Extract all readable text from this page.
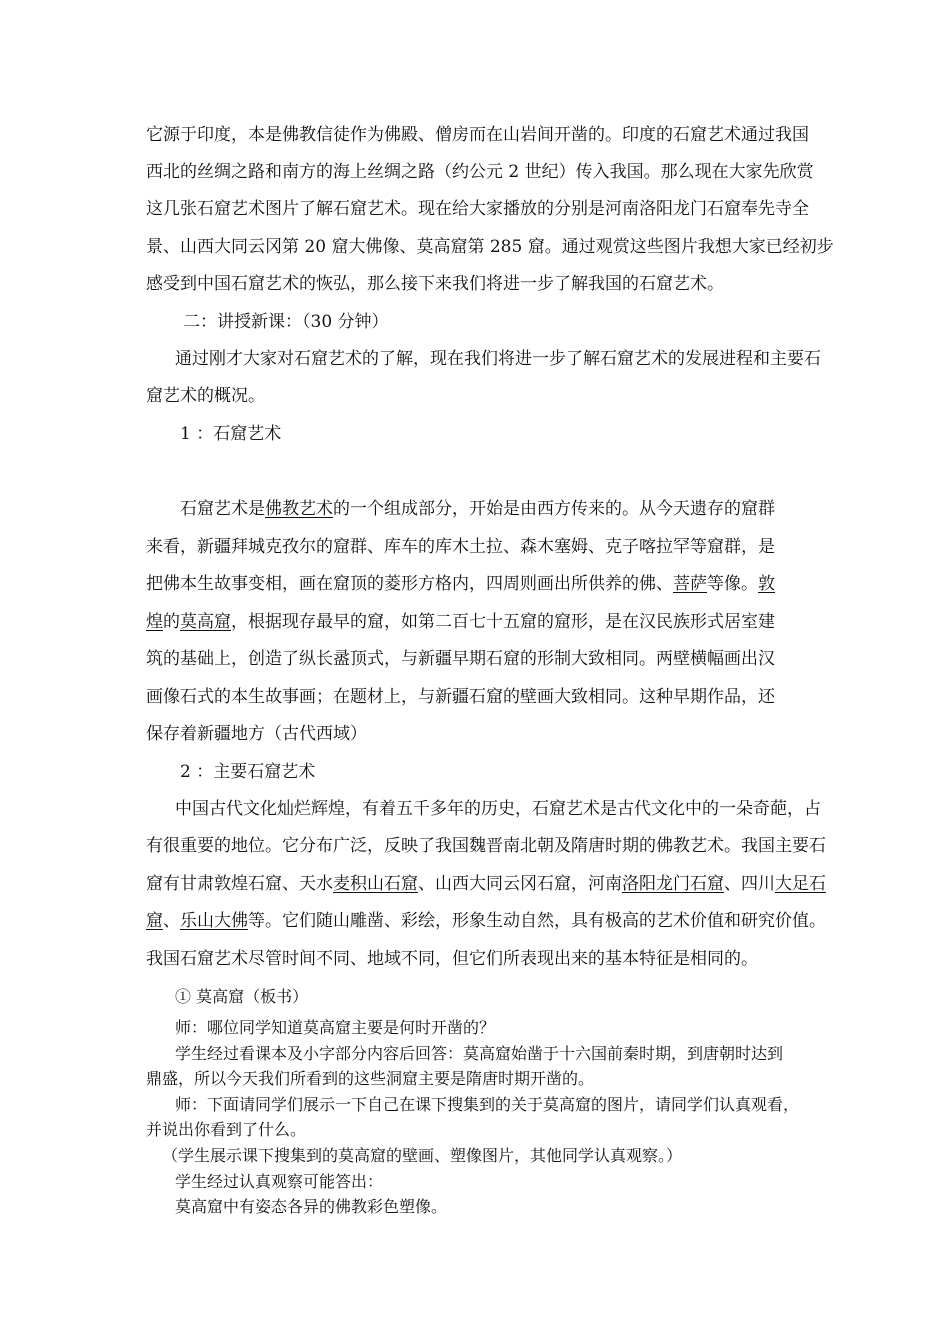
它源于印度，本是佛教信徒作为佛殿、僧房而在山岩间开凿的。印度的石窟艺术通过我国
西北的丝绸之路和南方的海上丝绸之路（约公元 2 世纪）传入我国。那么现在大家先欣赏
这几张石窟艺术图片了解石窟艺术。现在给大家播放的分别是河南洛阳龙门石窟奉先寺全
景、山西大同云冈第 20 窟大佛像、莫高窟第 285 窟。通过观赏这些图片我想大家已经初步
感受到中国石窟艺术的恢弘，那么接下来我们将进一步了解我国的石窟艺术。
二：讲授新课：（30 分钟）
通过刚才大家对石窟艺术的了解，现在我们将进一步了解石窟艺术的发展进程和主要石
窟艺术的概况。
1 ：石窟艺术
石窟艺术是佛教艺术的一个组成部分，开始是由西方传来的。从今天遗存的窟群
来看，新疆拜城克孜尔的窟群、库车的库木土拉、森木塞姆、克子喀拉罕等窟群，是
把佛本生故事变相，画在窟顶的菱形方格内，四周则画出所供养的佛、菩萨等像。敦
煌的莫高窟，根据现存最早的窟，如第二百七十五窟的窟形，是在汉民族形式居室建
筑的基础上，创造了纵长盝顶式，与新疆早期石窟的形制大致相同。两壁横幅画出汉
画像石式的本生故事画；在题材上，与新疆石窟的壁画大致相同。这种早期作品，还
保存着新疆地方（古代西域）
2 ：主要石窟艺术
中国古代文化灿烂辉煌，有着五千多年的历史，石窟艺术是古代文化中的一朵奇葩，占
有很重要的地位。它分布广泛，反映了我国魏晋南北朝及隋唐时期的佛教艺术。我国主要石
窟有甘肃敦煌石窟、天水麦积山石窟、山西大同云冈石窟，河南洛阳龙门石窟、四川大足石
窟、乐山大佛等。它们随山雕凿、彩绘，形象生动自然，具有极高的艺术价值和研究价值。
我国石窟艺术尽管时间不同、地域不同，但它们所表现出来的基本特征是相同的。
① 莫高窟（板书）
师：哪位同学知道莫高窟主要是何时开凿的？
学生经过看课本及小字部分内容后回答：莫高窟始凿于十六国前秦时期，到唐朝时达到
鼎盛，所以今天我们所看到的这些洞窟主要是隋唐时期开凿的。
师：下面请同学们展示一下自己在课下搜集到的关于莫高窟的图片，请同学们认真观看，
并说出你看到了什么。
（学生展示课下搜集到的莫高窟的壁画、塑像图片，其他同学认真观察。）
学生经过认真观察可能答出：
莫高窟中有姿态各异的佛教彩色塑像。
